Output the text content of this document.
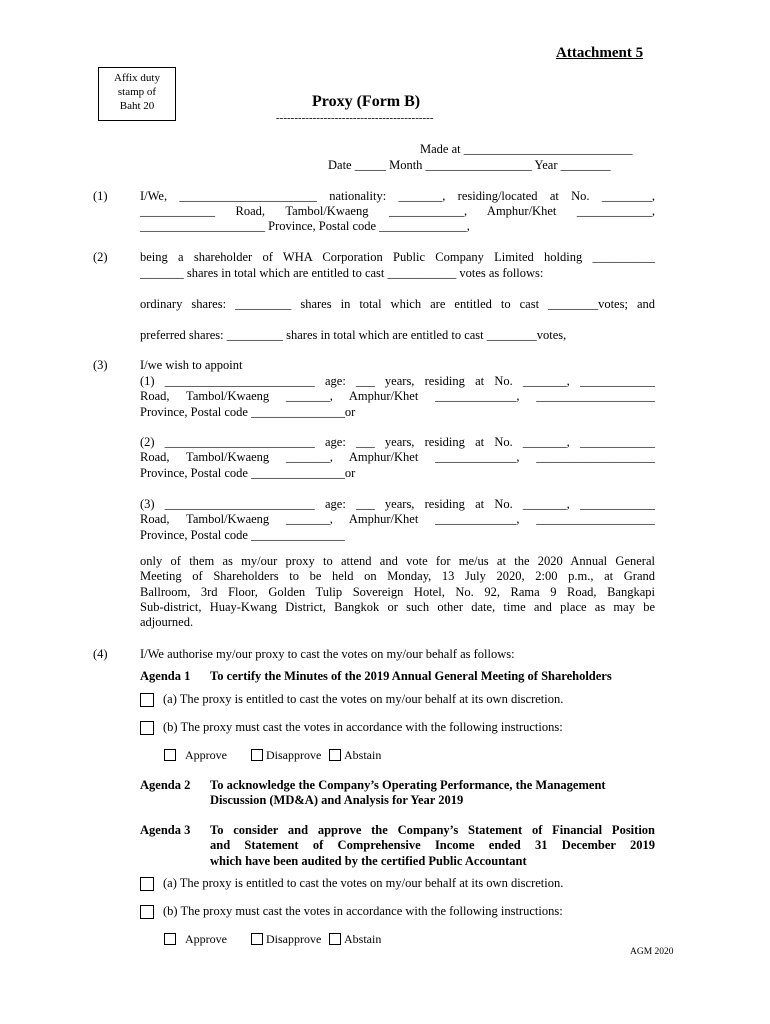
Attachment 5
Affix duty
stamp of
Baht 20	Proxy (Form B)
-------------------------------------------
Made at ___________________________
Date _____ Month _________________ Year ________
(1)	I/We, ______________________ nationality: _______, residing/located at No. ________,
____________ Road, Tambol/Kwaeng ____________, Amphur/Khet ____________,
____________________ Province, Postal code ______________,
(2)	being a shareholder of WHA Corporation Public Company Limited holding __________
_______ shares in total which are entitled to cast ___________ votes as follows:
ordinary shares: _________ shares in total which are entitled to cast ________votes; and
preferred shares: _________ shares in total which are entitled to cast ________votes,
(3)	I/we wish to appoint
(1) ________________________ age: ___ years, residing at No. _______, ____________
Road, Tambol/Kwaeng _______, Amphur/Khet _____________, ___________________
Province, Postal code _______________or
(2) ________________________ age: ___ years, residing at No. _______, ____________
Road, Tambol/Kwaeng _______, Amphur/Khet _____________, ___________________
Province, Postal code _______________or
(3) ________________________ age: ___ years, residing at No. _______, ____________
Road, Tambol/Kwaeng _______, Amphur/Khet _____________, ___________________
Province, Postal code _______________
only of them as my/our proxy to attend and vote for me/us at the 2020 Annual General
Meeting of Shareholders to be held on Monday, 13 July 2020, 2:00 p.m., at Grand
Ballroom, 3rd Floor, Golden Tulip Sovereign Hotel, No. 92, Rama 9 Road, Bangkapi
Sub-district, Huay-Kwang District, Bangkok or such other date, time and place as may be
adjourned.
(4)	I/We authorise my/our proxy to cast the votes on my/our behalf as follows:
Agenda 1 To certify the Minutes of the 2019 Annual General Meeting of Shareholders
(a) The proxy is entitled to cast the votes on my/our behalf at its own discretion.
(b) The proxy must cast the votes in accordance with the following instructions:
Approve	Disapprove Abstain
Agenda 2 To acknowledge the Company’s Operating Performance, the Management
Discussion (MD&A) and Analysis for Year 2019
Agenda 3 To consider and approve the Company’s Statement of Financial Position
and Statement of Comprehensive Income ended 31 December 2019
which have been audited by the certified Public Accountant
(a) The proxy is entitled to cast the votes on my/our behalf at its own discretion.
(b) The proxy must cast the votes in accordance with the following instructions:
Approve	Disapprove Abstain
AGM 2020
